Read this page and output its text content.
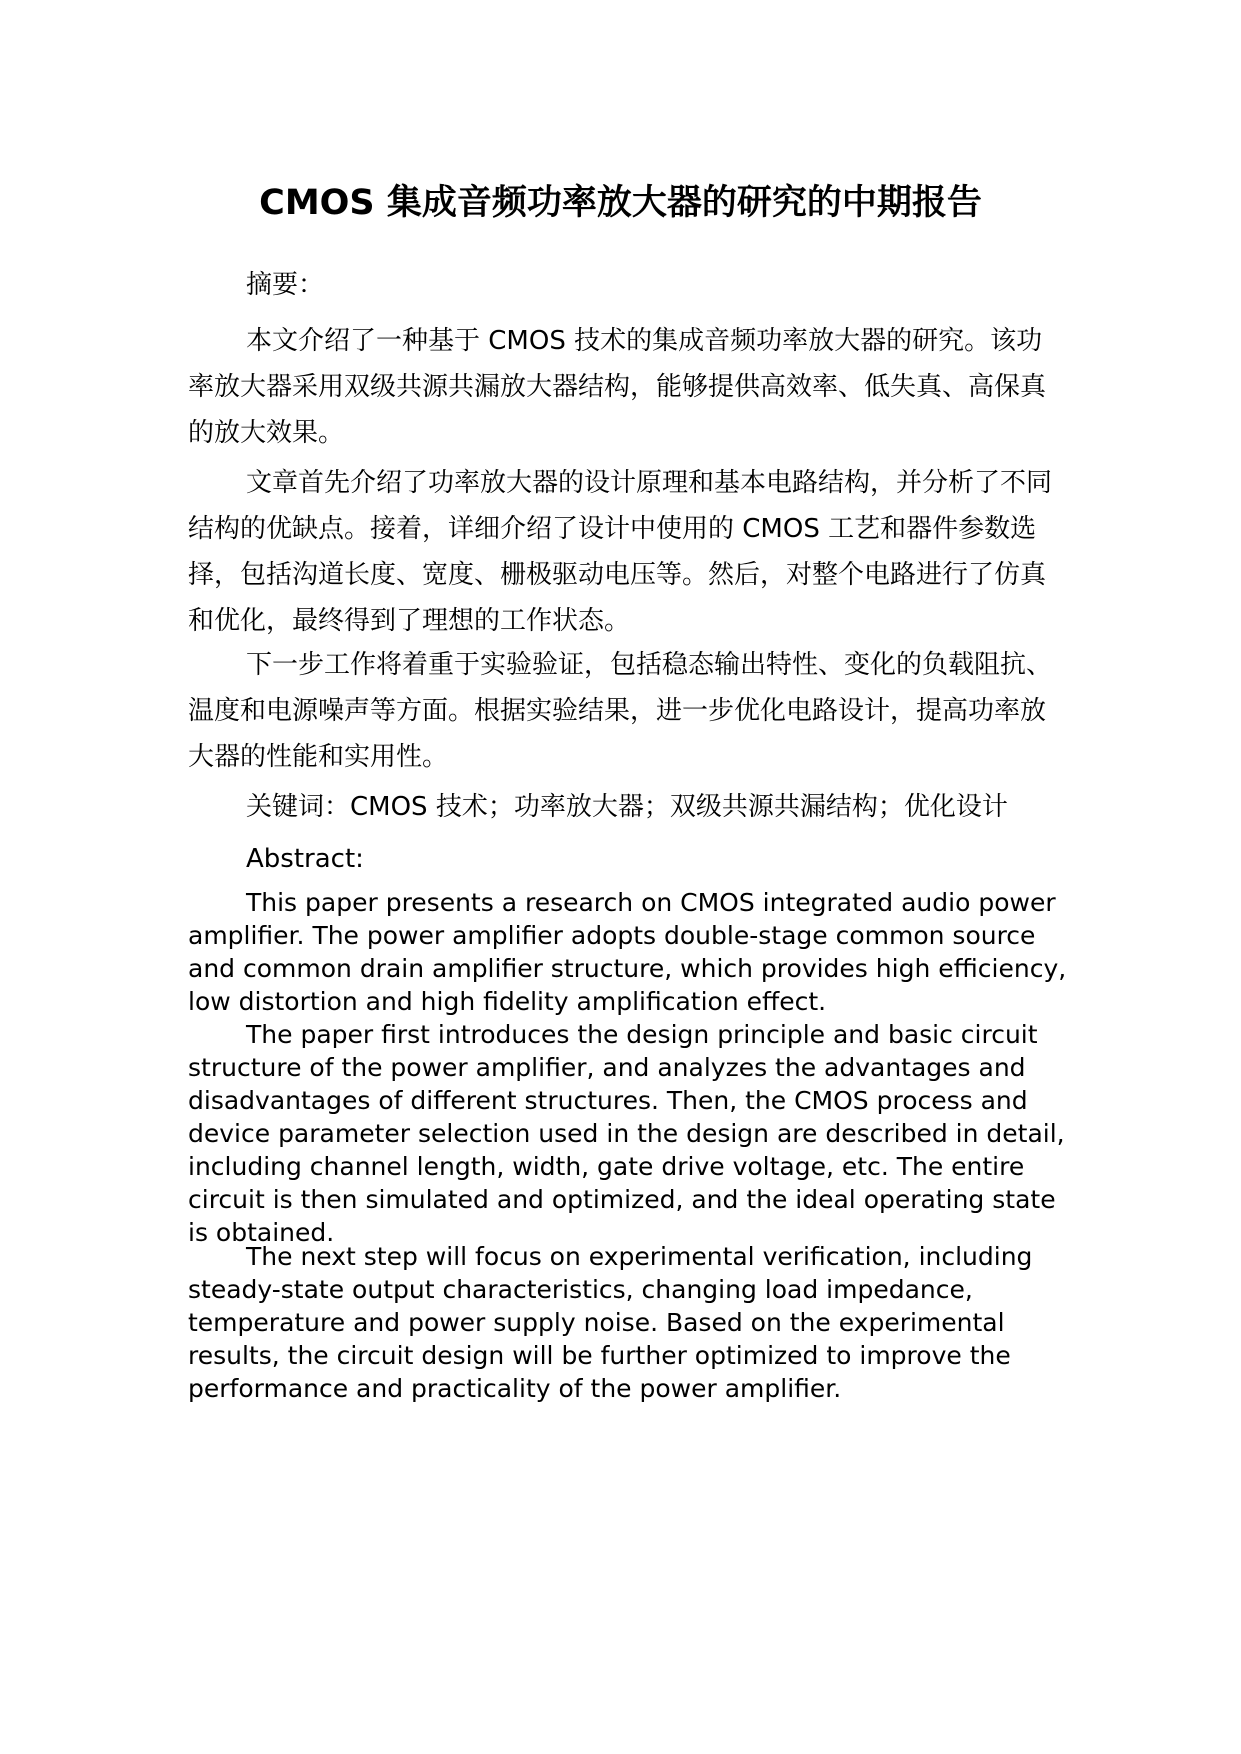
CMOS 集成音频功率放大器的研究的中期报告

摘要：

本文介绍了一种基于 CMOS 技术的集成音频功率放大器的研究。该功率放大器采用双级共源共漏放大器结构，能够提供高效率、低失真、高保真的放大效果。

文章首先介绍了功率放大器的设计原理和基本电路结构，并分析了不同结构的优缺点。接着，详细介绍了设计中使用的 CMOS 工艺和器件参数选择，包括沟道长度、宽度、栅极驱动电压等。然后，对整个电路进行了仿真和优化，最终得到了理想的工作状态。

下一步工作将着重于实验验证，包括稳态输出特性、变化的负载阻抗、温度和电源噪声等方面。根据实验结果，进一步优化电路设计，提高功率放大器的性能和实用性。

关键词：CMOS 技术；功率放大器；双级共源共漏结构；优化设计

Abstract:

This paper presents a research on CMOS integrated audio power amplifier. The power amplifier adopts double-stage common source and common drain amplifier structure, which provides high efficiency, low distortion and high fidelity amplification effect.

The paper first introduces the design principle and basic circuit structure of the power amplifier, and analyzes the advantages and disadvantages of different structures. Then, the CMOS process and device parameter selection used in the design are described in detail, including channel length, width, gate drive voltage, etc. The entire circuit is then simulated and optimized, and the ideal operating state is obtained.

The next step will focus on experimental verification, including steady-state output characteristics, changing load impedance, temperature and power supply noise. Based on the experimental results, the circuit design will be further optimized to improve the performance and practicality of the power amplifier.
